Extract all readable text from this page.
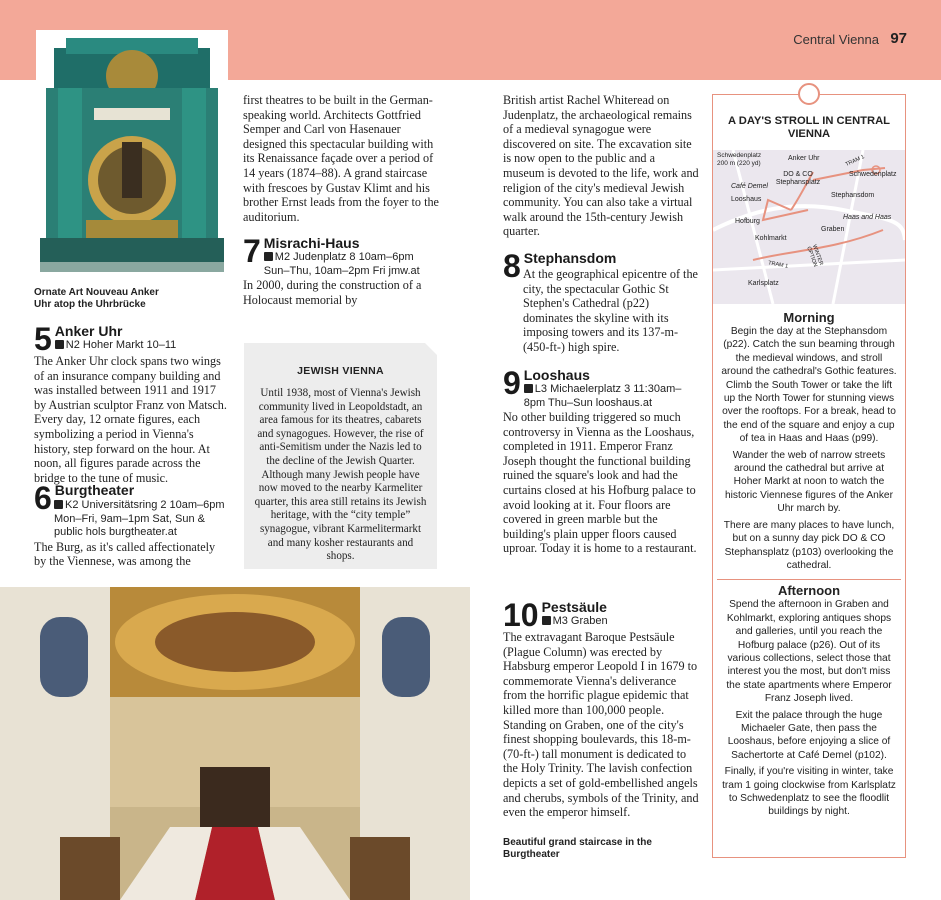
Central Vienna 97
Ornate Art Nouveau Anker Uhr atop the Uhrbrücke
5 Anker Uhr
N2 Hoher Markt 10–11

The Anker Uhr clock spans two wings of an insurance company building and was installed between 1911 and 1917 by Austrian sculptor Franz von Matsch. Every day, 12 ornate figures, each symbolizing a period in Vienna's history, step forward on the hour. At noon, all figures parade across the bridge to the tune of music.

6 Burgtheater
K2 Universitätsring 2 10am–6pm Mon–Fri, 9am–1pm Sat, Sun & public hols burgtheater.at

The Burg, as it's called affectionately by the Viennese, was among the

first theatres to be built in the German-speaking world. Architects Gottfried Semper and Carl von Hasenauer designed this spectacular building with its Renaissance façade over a period of 14 years (1874–88). A grand staircase with frescoes by Gustav Klimt and his brother Ernst leads from the foyer to the auditorium.

7 Misrachi-Haus
M2 Judenplatz 8 10am–6pm Sun–Thu, 10am–2pm Fri jmw.at

In 2000, during the construction of a Holocaust memorial by

JEWISH VIENNA
Until 1938, most of Vienna's Jewish community lived in Leopoldstadt, an area famous for its theatres, cabarets and synagogues. However, the rise of anti-Semitism under the Nazis led to the decline of the Jewish Quarter. Although many Jewish people have now moved to the nearby Karmeliter quarter, this area still retains its Jewish heritage, with the “city temple” synagogue, vibrant Karmelitermarkt and many kosher restaurants and shops.

British artist Rachel Whiteread on Judenplatz, the archaeological remains of a medieval synagogue were discovered on site. The excavation site is now open to the public and a museum is devoted to the life, work and religion of the city's medieval Jewish community. You can also take a virtual walk around the 15th-century Jewish quarter.

8 Stephansdom

At the geographical epicentre of the city, the spectacular Gothic St Stephen's Cathedral (p22) dominates the skyline with its imposing towers and its 137-m- (450-ft-) high spire.

9 Looshaus
L3 Michaelerplatz 3 11:30am–8pm Thu–Sun looshaus.at

No other building triggered so much controversy in Vienna as the Looshaus, completed in 1911. Emperor Franz Joseph thought the functional building ruined the square's look and had the curtains closed at his Hofburg palace to avoid looking at it. Four floors are covered in green marble but the building's plain upper floors caused uproar. Today it is home to a restaurant.

10 Pestsäule
M3 Graben

The extravagant Baroque Pestsäule (Plague Column) was erected by Habsburg emperor Leopold I in 1679 to commemorate Vienna's deliverance from the horrific plague epidemic that killed more than 100,000 people. Standing on Graben, one of the city's finest shopping boulevards, this 18-m- (70-ft-) tall monument is dedicated to the Holy Trinity. The lavish confection depicts a set of gold-embellished angels and cherubs, symbols of the Trinity, and even the emperor himself.

Beautiful grand staircase in the Burgtheater
A DAY'S STROLL IN CENTRAL VIENNA
Schwedenplatz
200 m (220 yd)
Anker Uhr	TRAM 1
Schwedenplatz
DO & CO Stephansplatz
Café Demel
Stephansdom
Looshaus
Haas and Haas
Hofburg
Graben
Kohlmarkt
TRAM 1	WINTER OPTION
Karlsplatz

Morning

Begin the day at the Stephansdom (p22). Catch the sun beaming through the medieval windows, and stroll around the cathedral's Gothic features. Climb the South Tower or take the lift up the North Tower for stunning views over the rooftops. For a break, head to the end of the square and enjoy a cup of tea in Haas and Haas (p99).

Wander the web of narrow streets around the cathedral but arrive at Hoher Markt at noon to watch the historic Viennese figures of the Anker Uhr march by.

There are many places to have lunch, but on a sunny day pick DO & CO Stephansplatz (p103) overlooking the cathedral.

Afternoon

Spend the afternoon in Graben and Kohlmarkt, exploring antiques shops and galleries, until you reach the Hofburg palace (p26). Out of its various collections, select those that interest you the most, but don't miss the state apartments where Emperor Franz Joseph lived.

Exit the palace through the huge Michaeler Gate, then pass the Looshaus, before enjoying a slice of Sachertorte at Café Demel (p102).

Finally, if you're visiting in winter, take tram 1 going clockwise from Karlsplatz to Schwedenplatz to see the floodlit buildings by night.
